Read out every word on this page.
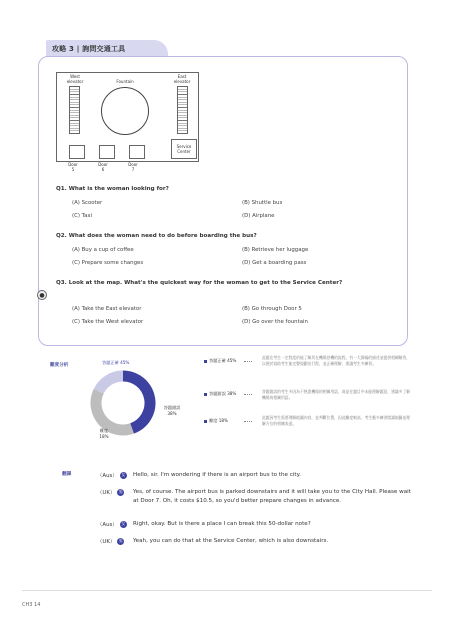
攻略 3 | 詢問交通工具
West
elevator	Fountain
East
elevator
Service
Center
Door
5
Door
6
Door
7
Q1. What is the woman looking for?
(A) Scooter	(B) Shuttle bus
(C) Taxi	(D) Airplane
Q2. What does the woman need to do before boarding the bus?
(A) Buy a cup of coffee	(B) Retrieve her luggage
(C) Prepare some changes	(D) Get a boarding pass
●
Q3. Look at the map. What's the quickest way for the woman to get to the Service Center?
(A) Take the East elevator	(B) Go through Door 5
(C) Take the West elevator	(D) Go over the fountain
難度分析
答題正確 45%
答題錯誤
38%
難度
18%
答題正確 45%
此題在考生一定程度的能了解其在機場登機的流程，有一大篇幅的描述並提供相關解答，以便於協助考生能完整規劃出行程，並正確理解，建議考生多練習。
答題錯誤 38%	答題錯誤的考生多因為不熟悉機場的相關用語，或是在題目中未能理解題意，建議多了解機場的相關用語。
難度 18%
此題因考生需要理解地圖內容，並判斷位置，因此難度較高，考生應多練習閱讀地圖並理解方位的相關表達。
翻譯	（Aus） 女 Hello, sir. I'm wondering if there is an airport bus to the city.
（UK） 男 Yes, of course. The airport bus is parked downstairs and it will take you to the City Hall. Please wait at Door 7. Oh, it costs $10.5, so you'd better prepare changes in advance.
（Aus） 女 Right, okay. But is there a place I can break this 50-dollar note?
（UK） 男 Yeah, you can do that at the Service Center, which is also downstairs.
CH3 14
